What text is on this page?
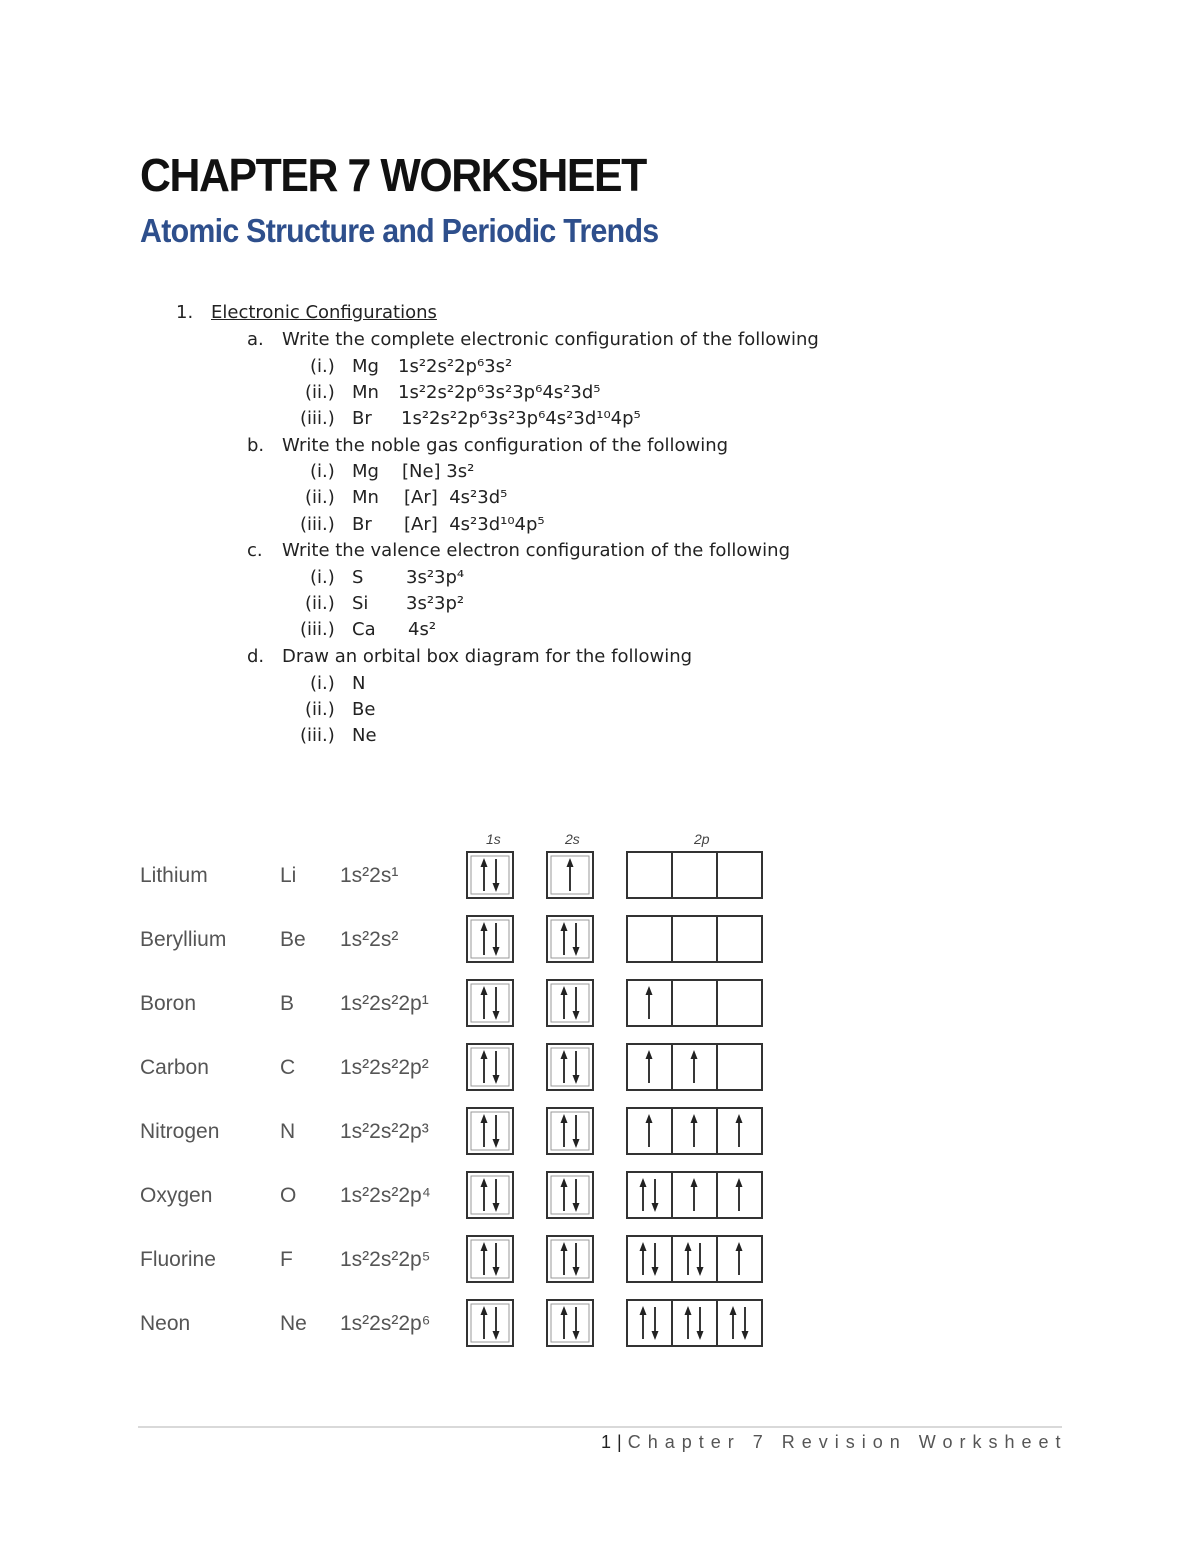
CHAPTER 7 WORKSHEET
Atomic Structure and Periodic Trends
1. Electronic Configurations
a. Write the complete electronic configuration of the following
(i.) Mg 1s²2s²2p⁶3s²
(ii.) Mn 1s²2s²2p⁶3s²3p⁶4s²3d⁵
(iii.) Br 1s²2s²2p⁶3s²3p⁶4s²3d¹⁰4p⁵
b. Write the noble gas configuration of the following
(i.) Mg [Ne] 3s²
(ii.) Mn [Ar]  4s²3d⁵
(iii.) Br [Ar]  4s²3d¹⁰4p⁵
c. Write the valence electron configuration of the following
(i.) S 3s²3p⁴
(ii.) Si 3s²3p²
(iii.) Ca 4s²
d. Draw an orbital box diagram for the following
(i.) N
(ii.) Be
(iii.) Ne
1s	2s	2p
Lithium	Li 1s²2s¹
Beryllium	Be 1s²2s²
Boron	B 1s²2s²2p¹
Carbon	C 1s²2s²2p²
Nitrogen	N 1s²2s²2p³
Oxygen	O 1s²2s²2p⁴
Fluorine	F 1s²2s²2p⁵
Neon	Ne 1s²2s²2p⁶
1 | Chapter 7 Revision Worksheet
